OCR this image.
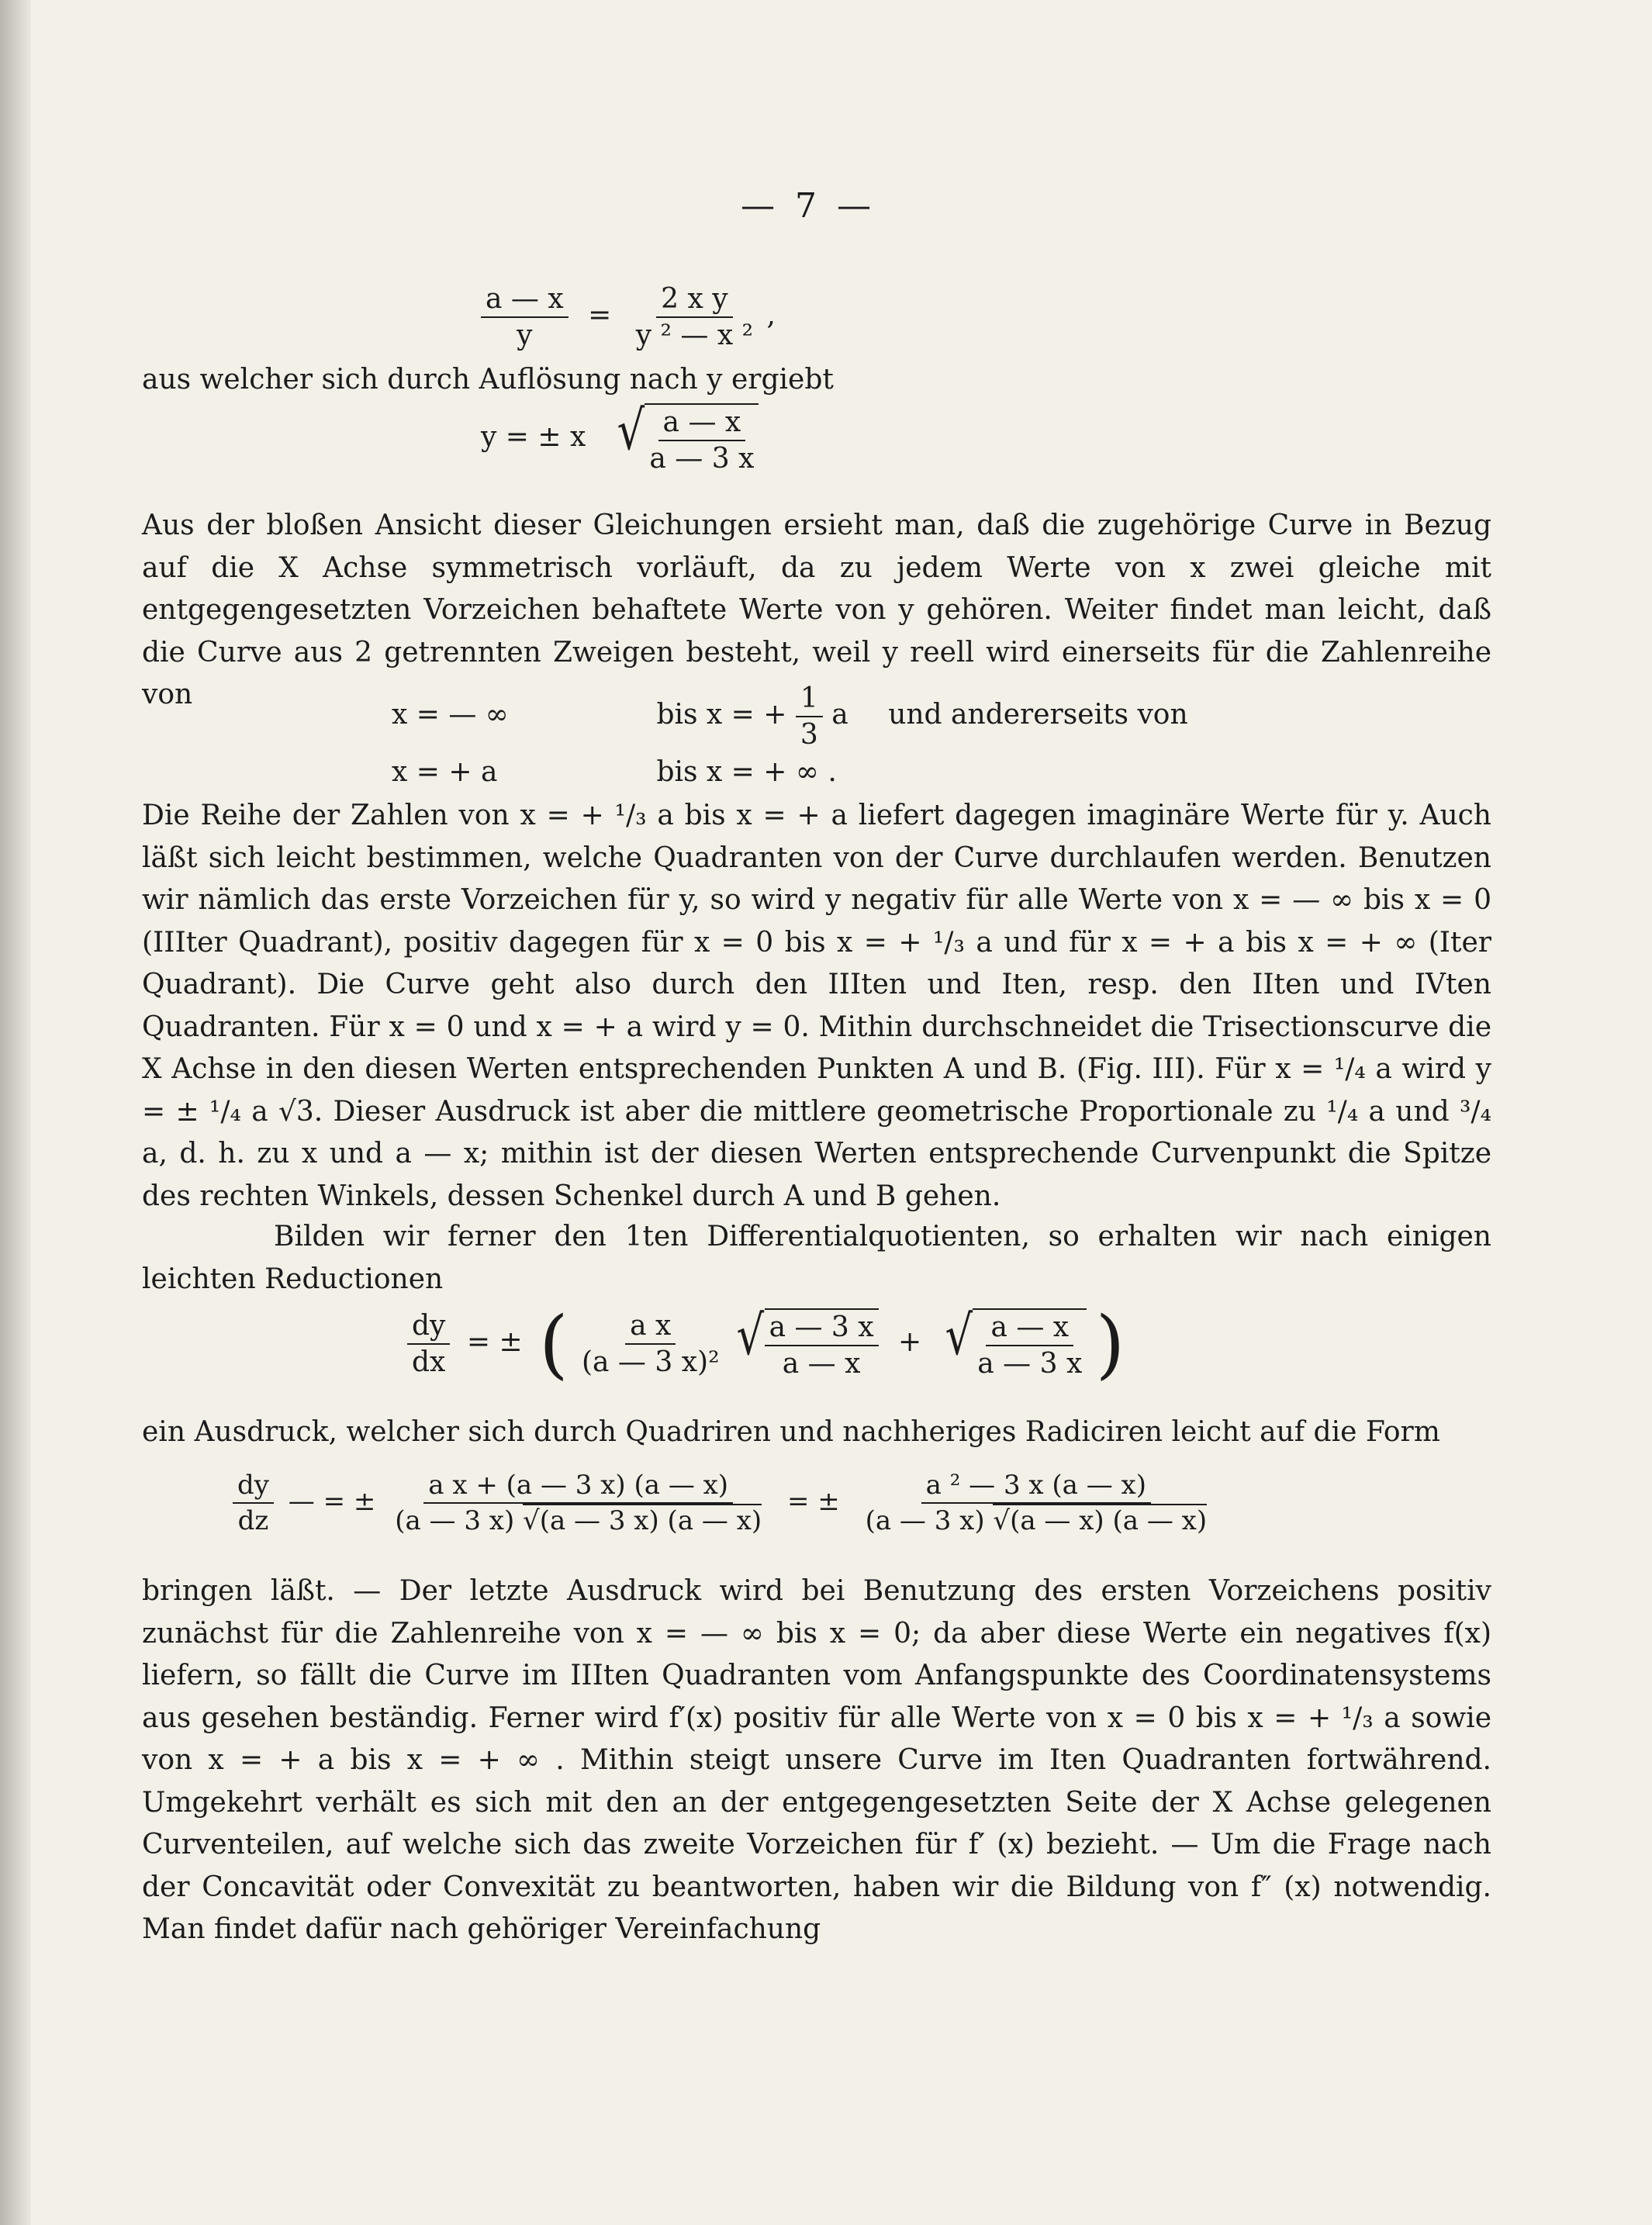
— 7 —
$\frac{a — x}{y} = \frac{\text{2 x y}}{\text{y ² — x ²}}$ ,
aus welcher sich durch Auflösung nach y ergiebt
y = ± x √ $\frac{a — x}{a — 3 x}$
Aus der bloßen Ansicht dieser Gleichungen ersieht man, daß die zugehörige Curve in Bezug auf die X Achse symmetrisch vorläuft, da zu jedem Werte von x zwei gleiche mit entgegengesetzten Vorzeichen behaftete Werte von y gehören. Weiter findet man leicht, daß die Curve aus 2 getrennten Zweigen besteht, weil y reell wird einerseits für die Zahlenreihe von
x = — ∞	bis x = + $\frac{1}{3}$ a und andererseits von
x = + a	bis x = + ∞ .
Die Reihe der Zahlen von x = + ¹/₃ a bis x = + a liefert dagegen imaginäre Werte für y. Auch läßt sich leicht bestimmen, welche Quadranten von der Curve durchlaufen werden. Benutzen wir nämlich das erste Vorzeichen für y, so wird y negativ für alle Werte von x = — ∞ bis x = 0 (IIIter Quadrant), positiv dagegen für x = 0 bis x = + ¹/₃ a und für x = + a bis x = + ∞ (Iter Quadrant). Die Curve geht also durch den IIIten und Iten, resp. den IIten und IVten Quadranten. Für x = 0 und x = + a wird y = 0. Mithin durchschneidet die Trisectionscurve die X Achse in den diesen Werten entsprechenden Punkten A und B. (Fig. III). Für x = ¹/₄ a wird y = ± ¹/₄ a √3. Dieser Ausdruck ist aber die mittlere geometrische Proportionale zu ¹/₄ a und ³/₄ a, d. h. zu x und a — x; mithin ist der diesen Werten entsprechende Curvenpunkt die Spitze des rechten Winkels, dessen Schenkel durch A und B gehen.
Bilden wir ferner den 1ten Differentialquotienten, so erhalten wir nach einigen leichten Reductionen
$\frac{dy}{dx}$ = ± ( $\frac{\text{a x}}{\text{(a — 3 x)²}}$
√ $\frac{a — 3 x}{a — x}$ + √ $\frac{a — x}{a — 3 x}$ )
ein Ausdruck, welcher sich durch Quadriren und nachheriges Radiciren leicht auf die Form
$\frac{dy}{dz}$ — = ± $\frac{\text{a x + (a — 3 x) (a — x)}}{(a — 3 x) √(a — 3 x) (a — x)}$ = ± $\frac{\text{a ² — 3 x (a — x)}}{(a — 3 x) √(a — x) (a — x)}$
bringen läßt. — Der letzte Ausdruck wird bei Benutzung des ersten Vorzeichens positiv zunächst für die Zahlenreihe von x = — ∞ bis x = 0; da aber diese Werte ein negatives f(x) liefern, so fällt die Curve im IIIten Quadranten vom Anfangspunkte des Coordinatensystems aus gesehen beständig. Ferner wird f′(x) positiv für alle Werte von x = 0 bis x = + ¹/₃ a sowie von x = + a bis x = + ∞ . Mithin steigt unsere Curve im Iten Quadranten fortwährend. Umgekehrt verhält es sich mit den an der entgegengesetzten Seite der X Achse gelegenen Curventeilen, auf welche sich das zweite Vorzeichen für f′ (x) bezieht. — Um die Frage nach der Concavität oder Convexität zu beantworten, haben wir die Bildung von f″ (x) notwendig. Man findet dafür nach gehöriger Vereinfachung
